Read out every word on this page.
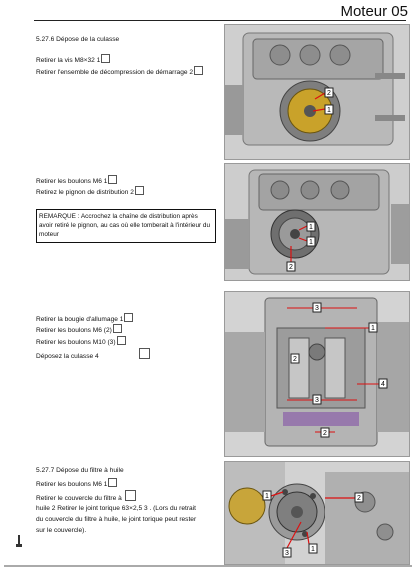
Moteur 05
5.27.6 Dépose de la culasse
Retirer la vis M8×32 1
Retirer l'ensemble de décompression de démarrage 2
2
1
Retirer les boulons M6 1
Retirez le pignon de distribution 2
REMARQUE : Accrochez la chaîne de distribution après avoir retiré le pignon, au cas où elle tomberait à l'intérieur du moteur
1
1
2
Retirer la bougie d'allumage 1
Retirer les boulons M6 (2)
Retirer les boulons M10 (3)
Déposez la culasse 4
3
1
2
4
3
2
5.27.7 Dépose du filtre à huile
Retirer les boulons M6 1
Retirer le couvercle du filtre à
huile 2 Retirer le joint torique 63×2,5 3 . (Lors du retrait
du couvercle du filtre à huile, le joint torique peut rester
sur le couvercle).
1	2
1
3
